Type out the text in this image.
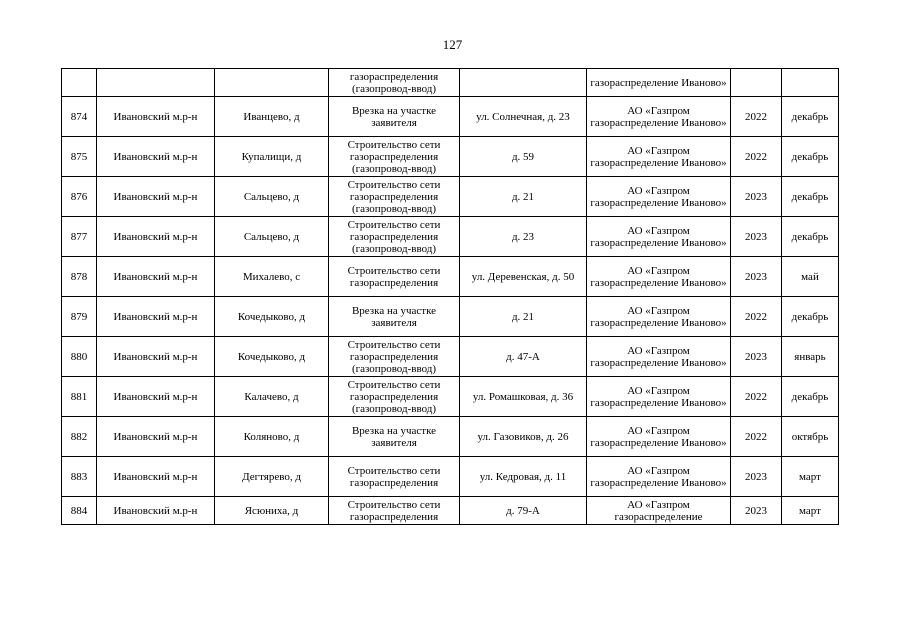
127
			газораспределения (газопровод-ввод)		газораспределение Иваново»		
874	Ивановский м.р-н	Иванцево, д	Врезка на участке заявителя	ул. Солнечная, д. 23	АО «Газпром газораспределение Иваново»	2022	декабрь
875	Ивановский м.р-н	Купалищи, д	Строительство сети газораспределения (газопровод-ввод)	д. 59	АО «Газпром газораспределение Иваново»	2022	декабрь
876	Ивановский м.р-н	Сальцево, д	Строительство сети газораспределения (газопровод-ввод)	д. 21	АО «Газпром газораспределение Иваново»	2023	декабрь
877	Ивановский м.р-н	Сальцево, д	Строительство сети газораспределения (газопровод-ввод)	д. 23	АО «Газпром газораспределение Иваново»	2023	декабрь
878	Ивановский м.р-н	Михалево, с	Строительство сети газораспределения	ул. Деревенская, д. 50	АО «Газпром газораспределение Иваново»	2023	май
879	Ивановский м.р-н	Кочедыково, д	Врезка на участке заявителя	д. 21	АО «Газпром газораспределение Иваново»	2022	декабрь
880	Ивановский м.р-н	Кочедыково, д	Строительство сети газораспределения (газопровод-ввод)	д. 47-А	АО «Газпром газораспределение Иваново»	2023	январь
881	Ивановский м.р-н	Калачево, д	Строительство сети газораспределения (газопровод-ввод)	ул. Ромашковая, д. 36	АО «Газпром газораспределение Иваново»	2022	декабрь
882	Ивановский м.р-н	Коляново, д	Врезка на участке заявителя	ул. Газовиков, д. 26	АО «Газпром газораспределение Иваново»	2022	октябрь
883	Ивановский м.р-н	Дегтярево, д	Строительство сети газораспределения	ул. Кедровая, д. 11	АО «Газпром газораспределение Иваново»	2023	март
884	Ивановский м.р-н	Ясюниха, д	Строительство сети газораспределения	д. 79-А	АО «Газпром газораспределение	2023	март
